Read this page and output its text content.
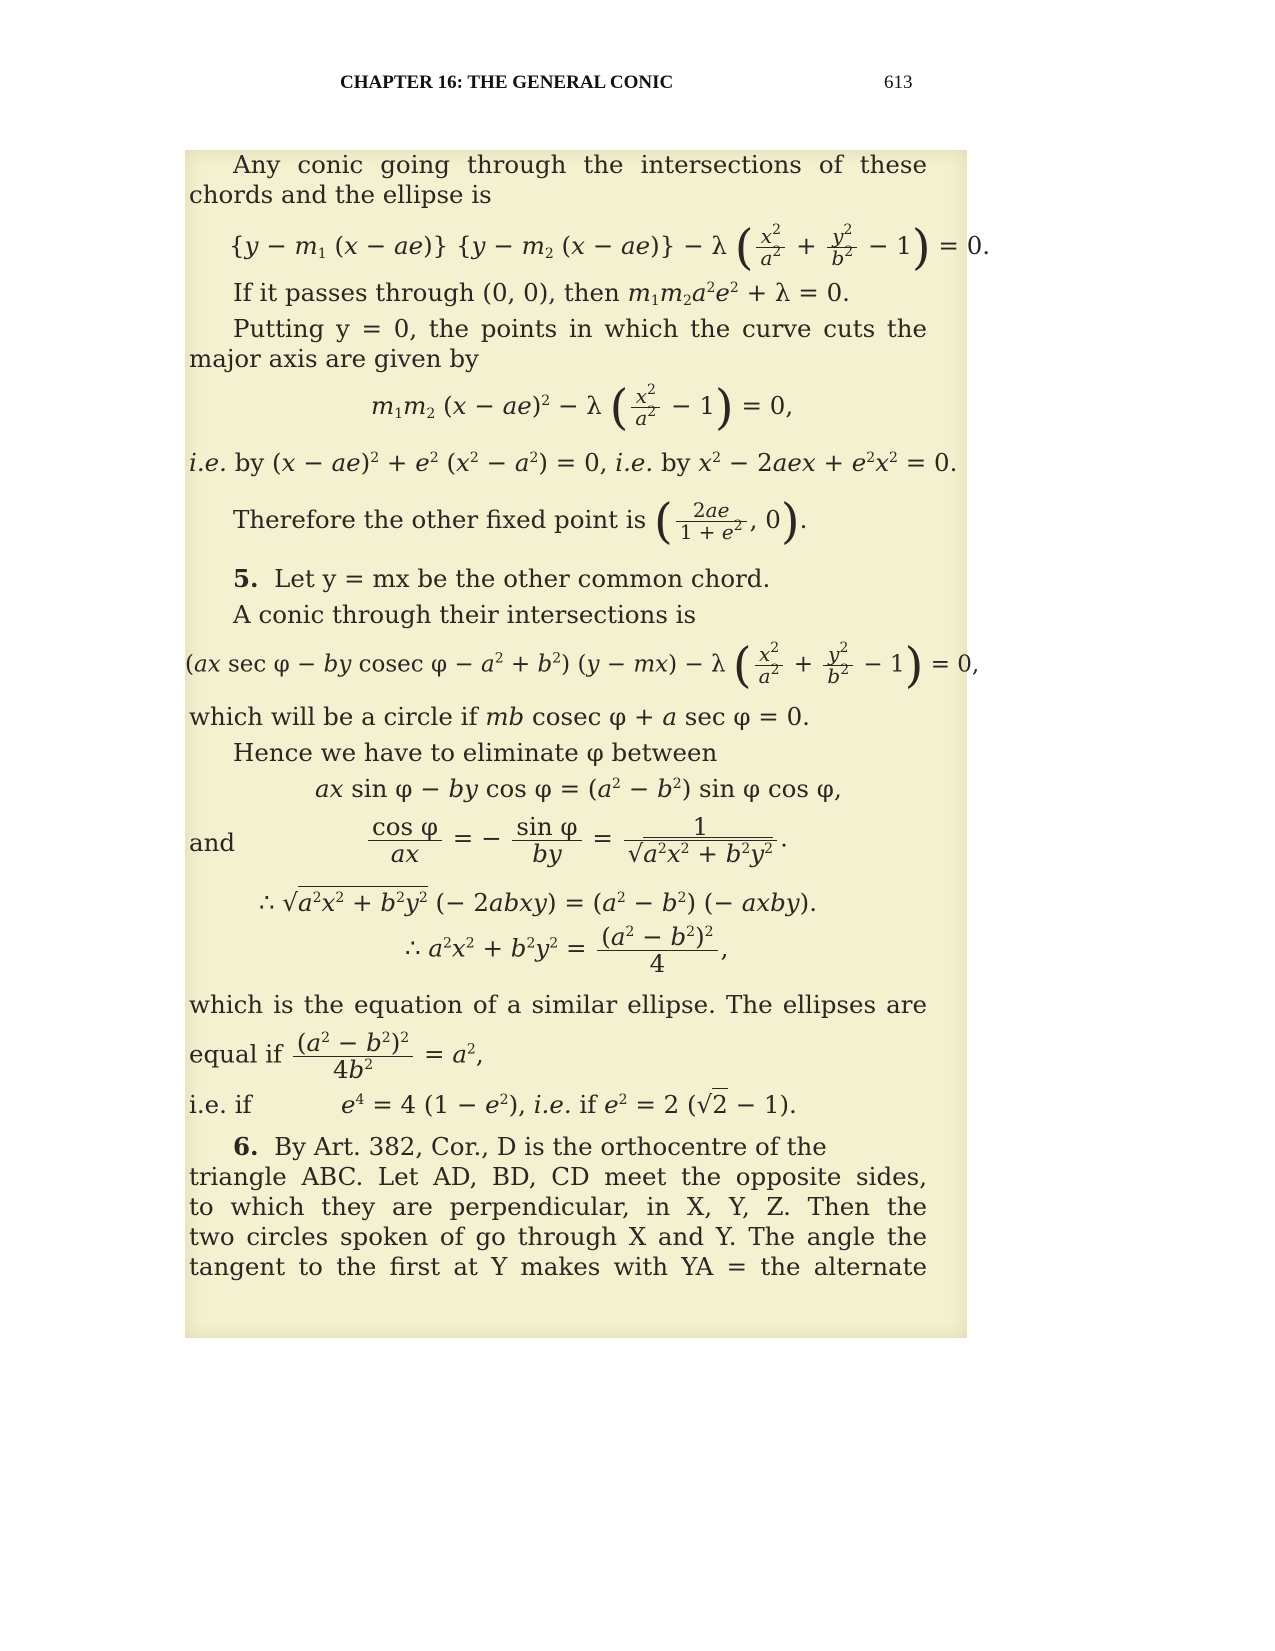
CHAPTER 16: THE GENERAL CONIC	613
Any conic going through the intersections of these
chords and the ellipse is
{$y - m_1$ (x − ae)} {$y - m_2$ (x − ae)} − λ ( $\frac{x^2}{a^2} + \frac{y^2}{b^2} - 1) = 0$.
If it passes through (0, 0), then $m_1m_2a^2e^2 + \lambda = 0$.
Putting y = 0, the points in which the curve cuts the
major axis are given by
$m_1m_2$ (x − ae)$^2$ − λ ( $\frac{x^2}{a^2} - 1) = 0$,
i.e. by $(x - ae)^2 + e^2$ $(x^2 - a^2) = 0$, i.e. by $x^2 - 2aex + e^2x^2 = 0$.
Therefore the other fixed point is ( $\frac{2ae}{1 + e^2}$ , 0).
5. Let y = mx be the other common chord.
A conic through their intersections is
(ax sec φ − by cosec $\varphi - a^2 + b^2$) (y − mx) − λ ( $\frac{x^2}{a^2} + \frac{y^2}{b^2} - 1) = 0$,
which will be a circle if mb cosec φ + a sec φ = 0.
Hence we have to eliminate φ between
ax sin φ − by $\cos \varphi = (a^2 - b^2)$ sin φ cos φ,
and	$\frac{\text{cos φ}}{ax}$ = − $\frac{\text{sin φ}}{by} = \frac{1}{√a^2x^2 + b^2y^2}$ .
∴ $√a^2x^2 + b^2y^2$ (− 2abxy) = $(a^2 - b^2)$ (− axby).
∴ $a^2x^2 + b^2y^2 = \frac{(a^2 - b^2)^2}{4}$ ,
which is the equation of a similar ellipse. The ellipses are
equal if $\frac{(a^2 - b^2)^2}{4b^2} = a^2$,
i.e. if	$e^4 = 4$ $(1 - e^2)$, i.e. if $e^2 = 2$ (√2 − 1).
6. By Art. 382, Cor., D is the orthocentre of the
triangle ABC. Let AD, BD, CD meet the opposite sides,
to which they are perpendicular, in X, Y, Z. Then the
two circles spoken of go through X and Y. The angle the
tangent to the first at Y makes with YA = the alternate
